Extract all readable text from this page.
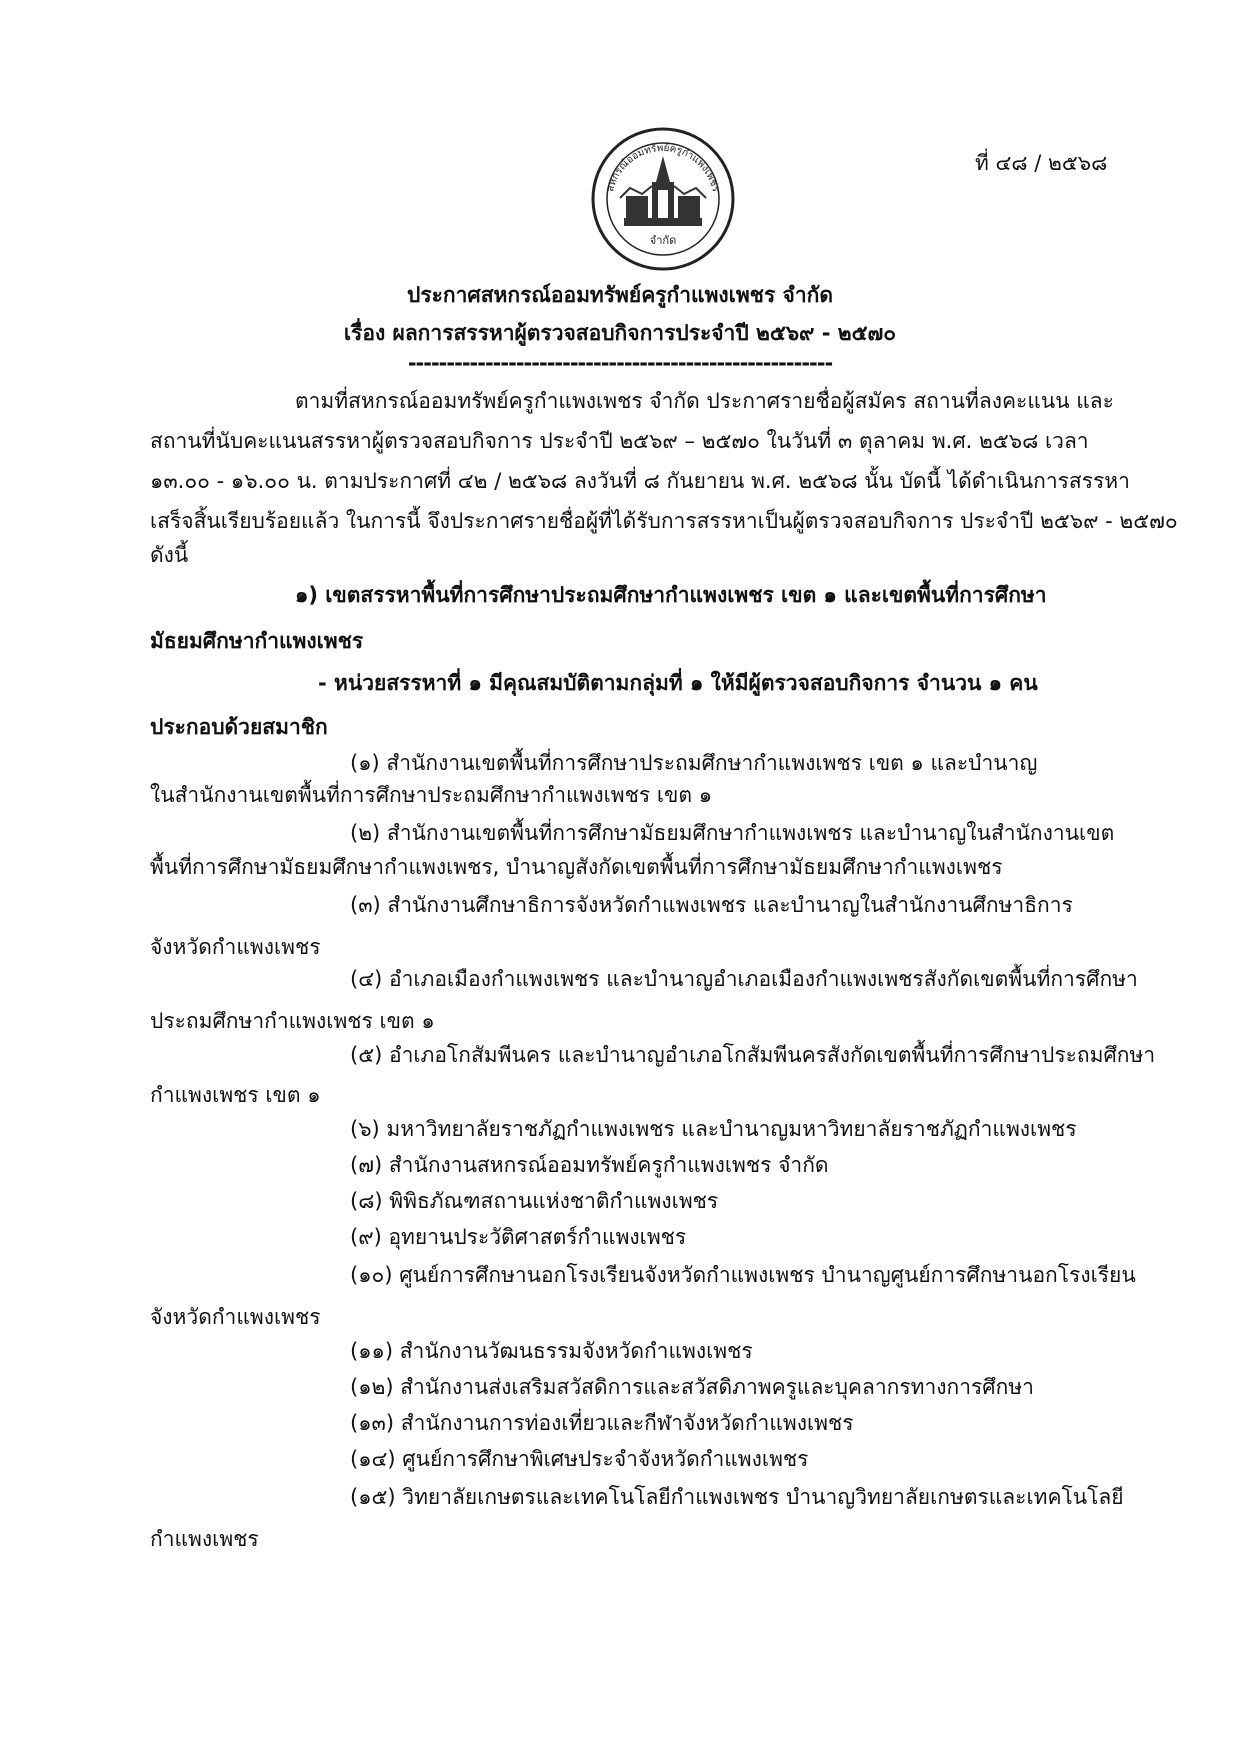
ที่ ๔๘ / ๒๕๖๘
สหกรณ์ออมทรัพย์ครูกำแพงเพชร
จำกัด
ประกาศสหกรณ์ออมทรัพย์ครูกำแพงเพชร จำกัด
เรื่อง ผลการสรรหาผู้ตรวจสอบกิจการประจำปี ๒๕๖๙ - ๒๕๗๐
-------------------------------------------------------
ตามที่สหกรณ์ออมทรัพย์ครูกำแพงเพชร จำกัด ประกาศรายชื่อผู้สมัคร สถานที่ลงคะแนน และ
สถานที่นับคะแนนสรรหาผู้ตรวจสอบกิจการ ประจำปี ๒๕๖๙ – ๒๕๗๐ ในวันที่ ๓ ตุลาคม พ.ศ. ๒๕๖๘ เวลา
๑๓.๐๐ - ๑๖.๐๐ น. ตามประกาศที่ ๔๒ / ๒๕๖๘ ลงวันที่ ๘ กันยายน พ.ศ. ๒๕๖๘ นั้น บัดนี้ ได้ดำเนินการสรรหา
เสร็จสิ้นเรียบร้อยแล้ว ในการนี้ จึงประกาศรายชื่อผู้ที่ได้รับการสรรหาเป็นผู้ตรวจสอบกิจการ ประจำปี ๒๕๖๙ - ๒๕๗๐
ดังนี้
๑) เขตสรรหาพื้นที่การศึกษาประถมศึกษากำแพงเพชร เขต ๑ และเขตพื้นที่การศึกษา
มัธยมศึกษากำแพงเพชร
- หน่วยสรรหาที่ ๑ มีคุณสมบัติตามกลุ่มที่ ๑ ให้มีผู้ตรวจสอบกิจการ จำนวน ๑ คน
ประกอบด้วยสมาชิก
(๑) สำนักงานเขตพื้นที่การศึกษาประถมศึกษากำแพงเพชร เขต ๑ และบำนาญ
ในสำนักงานเขตพื้นที่การศึกษาประถมศึกษากำแพงเพชร เขต ๑
(๒) สำนักงานเขตพื้นที่การศึกษามัธยมศึกษากำแพงเพชร และบำนาญในสำนักงานเขต
พื้นที่การศึกษามัธยมศึกษากำแพงเพชร, บำนาญสังกัดเขตพื้นที่การศึกษามัธยมศึกษากำแพงเพชร
(๓) สำนักงานศึกษาธิการจังหวัดกำแพงเพชร และบำนาญในสำนักงานศึกษาธิการ
จังหวัดกำแพงเพชร
(๔) อำเภอเมืองกำแพงเพชร และบำนาญอำเภอเมืองกำแพงเพชรสังกัดเขตพื้นที่การศึกษา
ประถมศึกษากำแพงเพชร เขต ๑
(๕) อำเภอโกสัมพีนคร และบำนาญอำเภอโกสัมพีนครสังกัดเขตพื้นที่การศึกษาประถมศึกษา
กำแพงเพชร เขต ๑
(๖) มหาวิทยาลัยราชภัฏกำแพงเพชร และบำนาญมหาวิทยาลัยราชภัฏกำแพงเพชร
(๗) สำนักงานสหกรณ์ออมทรัพย์ครูกำแพงเพชร จำกัด
(๘) พิพิธภัณฑสถานแห่งชาติกำแพงเพชร
(๙) อุทยานประวัติศาสตร์กำแพงเพชร
(๑๐) ศูนย์การศึกษานอกโรงเรียนจังหวัดกำแพงเพชร บำนาญศูนย์การศึกษานอกโรงเรียน
จังหวัดกำแพงเพชร
(๑๑) สำนักงานวัฒนธรรมจังหวัดกำแพงเพชร
(๑๒) สำนักงานส่งเสริมสวัสดิการและสวัสดิภาพครูและบุคลากรทางการศึกษา
(๑๓) สำนักงานการท่องเที่ยวและกีฬาจังหวัดกำแพงเพชร
(๑๔) ศูนย์การศึกษาพิเศษประจำจังหวัดกำแพงเพชร
(๑๕) วิทยาลัยเกษตรและเทคโนโลยีกำแพงเพชร บำนาญวิทยาลัยเกษตรและเทคโนโลยี
กำแพงเพชร
